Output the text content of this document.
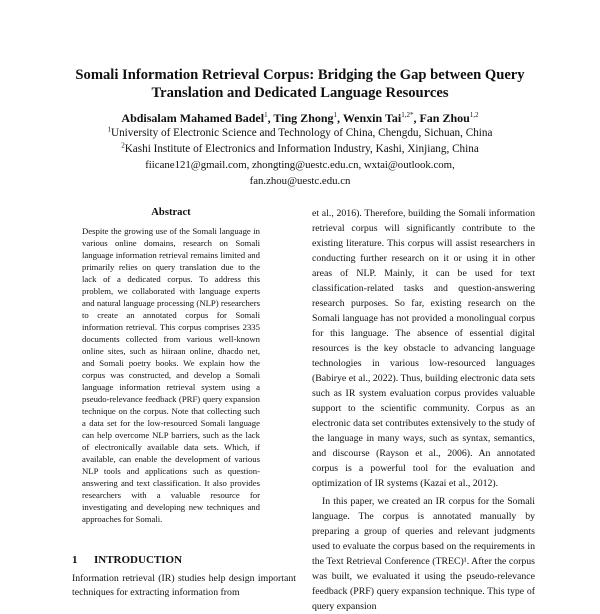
Somali Information Retrieval Corpus: Bridging the Gap between Query
Translation and Dedicated Language Resources
Abdisalam Mahamed Badel$^1$, Ting Zhong$^1$, Wenxin Tai$^{1,2*}$, Fan Zhou$^{1,2}$
$^1$University of Electronic Science and Technology of China, Chengdu, Sichuan, China
$^2$Kashi Institute of Electronics and Information Industry, Kashi, Xinjiang, China
fiicane121@gmail.com, zhongting@uestc.edu.cn, wxtai@outlook.com,
fan.zhou@uestc.edu.cn
Abstract

Despite the growing use of the Somali language in various online domains, research on Somali language information retrieval remains limited and primarily relies on query translation due to the lack of a dedicated corpus. To address this problem, we collaborated with language experts and natural language processing (NLP) researchers to create an annotated corpus for Somali information retrieval. This corpus comprises 2335 documents collected from various well-known online sites, such as hiiraan online, dhacdo net, and Somali poetry books. We explain how the corpus was constructed, and develop a Somali language information retrieval system using a pseudo-relevance feedback (PRF) query expansion technique on the corpus. Note that collecting such a data set for the low-resourced Somali language can help overcome NLP barriers, such as the lack of electronically available data sets. Which, if available, can enable the development of various NLP tools and applications such as question-answering and text classification. It also provides researchers with a valuable resource for investigating and developing new techniques and approaches for Somali.

1 INTRODUCTION

Information retrieval (IR) studies help design important techniques for extracting information from

et al., 2016). Therefore, building the Somali information retrieval corpus will significantly contribute to the existing literature. This corpus will assist researchers in conducting further research on it or using it in other areas of NLP. Mainly, it can be used for text classification-related tasks and question-answering research purposes. So far, existing research on the Somali language has not provided a monolingual corpus for this language. The absence of essential digital resources is the key obstacle to advancing language technologies in various low-resourced languages (Babirye et al., 2022). Thus, building electronic data sets such as IR system evaluation corpus provides valuable support to the scientific community. Corpus as an electronic data set contributes extensively to the study of the language in many ways, such as syntax, semantics, and discourse (Rayson et al., 2006). An annotated corpus is a powerful tool for the evaluation and optimization of IR systems (Kazai et al., 2012).

In this paper, we created an IR corpus for the Somali language. The corpus is annotated manually by preparing a group of queries and relevant judgments used to evaluate the corpus based on the requirements in the Text Retrieval Conference (TREC)¹. After the corpus was built, we evaluated it using the pseudo-relevance feedback (PRF) query expansion technique. This type of query expansion
